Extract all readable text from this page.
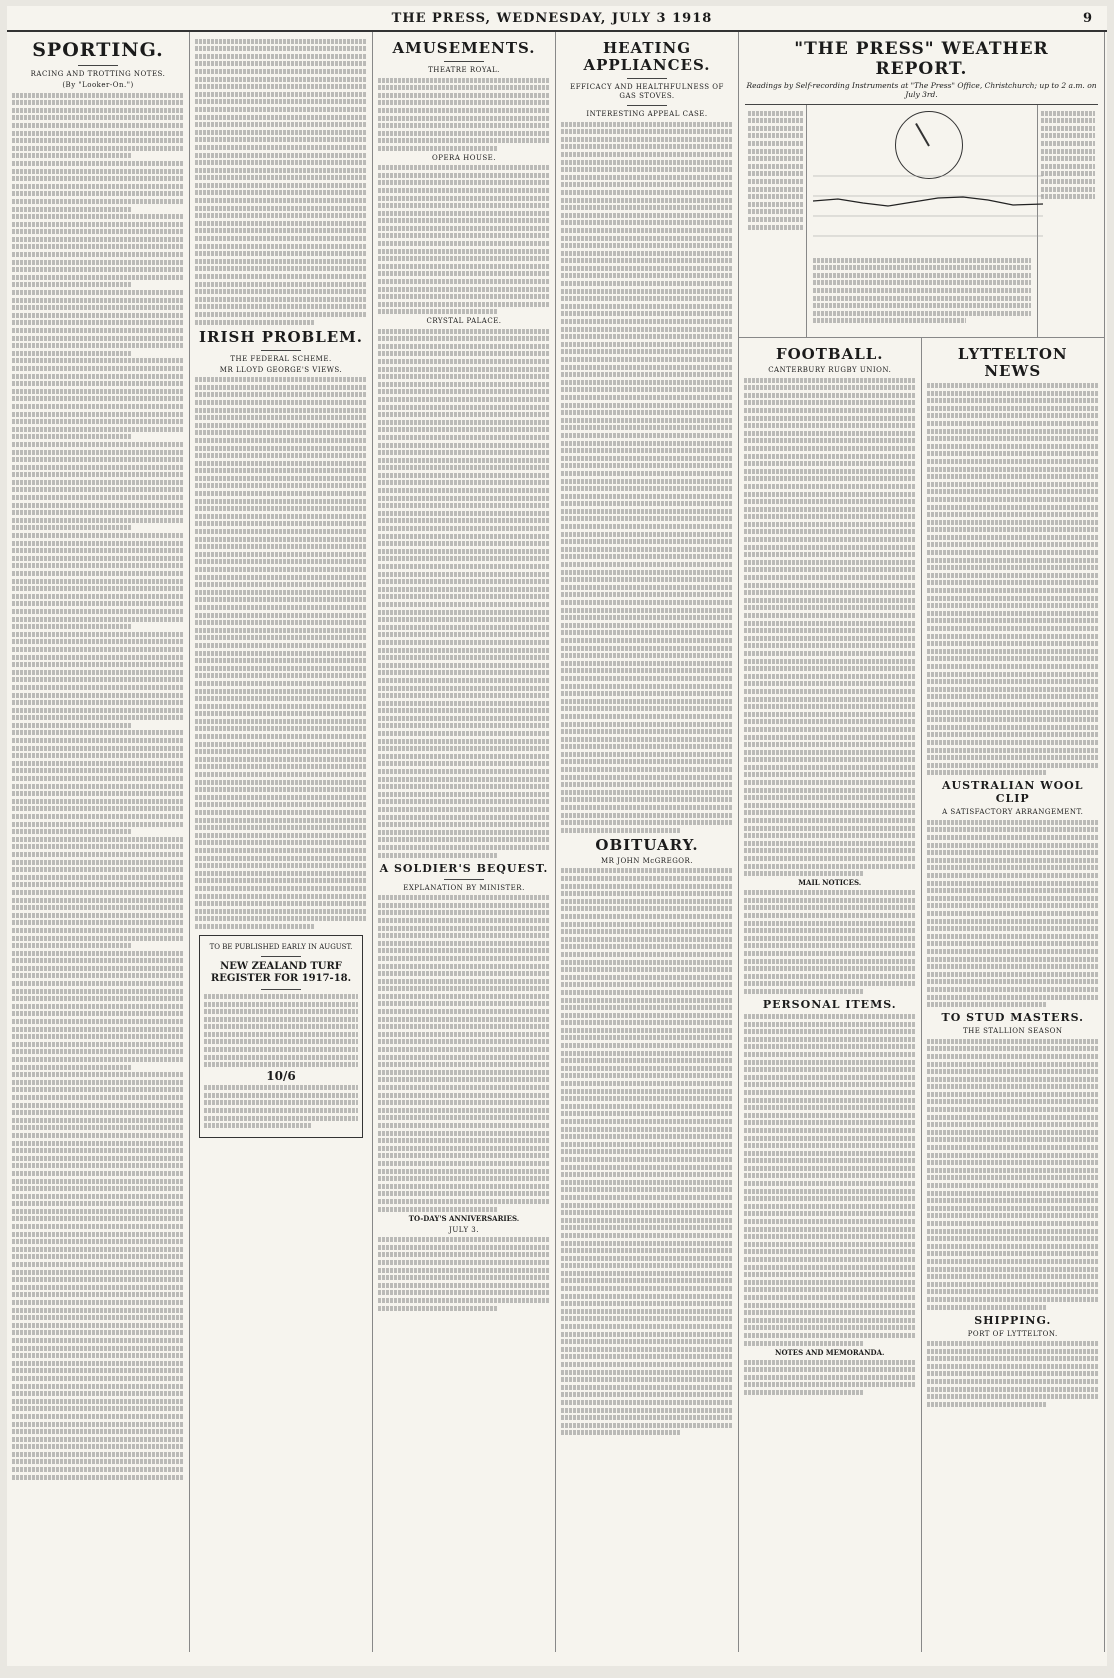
THE PRESS, WEDNESDAY, JULY 3 1918	9
SPORTING.
RACING AND TROTTING NOTES.
(By "Looker-On.")
IRISH PROBLEM.
THE FEDERAL SCHEME.
MR LLOYD GEORGE'S VIEWS.
TO BE PUBLISHED EARLY IN AUGUST.
NEW ZEALAND TURF REGISTER FOR 1917-18.
10/6
AMUSEMENTS.
THEATRE ROYAL.
OPERA HOUSE.
CRYSTAL PALACE.
A SOLDIER'S BEQUEST.
EXPLANATION BY MINISTER.
TO-DAY'S ANNIVERSARIES.
JULY 3.
HEATING APPLIANCES.
EFFICACY AND HEALTHFULNESS OF GAS STOVES.
INTERESTING APPEAL CASE.
OBITUARY.
MR JOHN McGREGOR.
"THE PRESS" WEATHER REPORT.
Readings by Self-recording Instruments at "The Press" Office, Christchurch; up to 2 a.m. on July 3rd.
FOOTBALL.
CANTERBURY RUGBY UNION.
MAIL NOTICES.
PERSONAL ITEMS.
NOTES AND MEMORANDA.
LYTTELTON NEWS
AUSTRALIAN WOOL CLIP
A SATISFACTORY ARRANGEMENT.
TO STUD MASTERS.
THE STALLION SEASON
SHIPPING.
PORT OF LYTTELTON.
